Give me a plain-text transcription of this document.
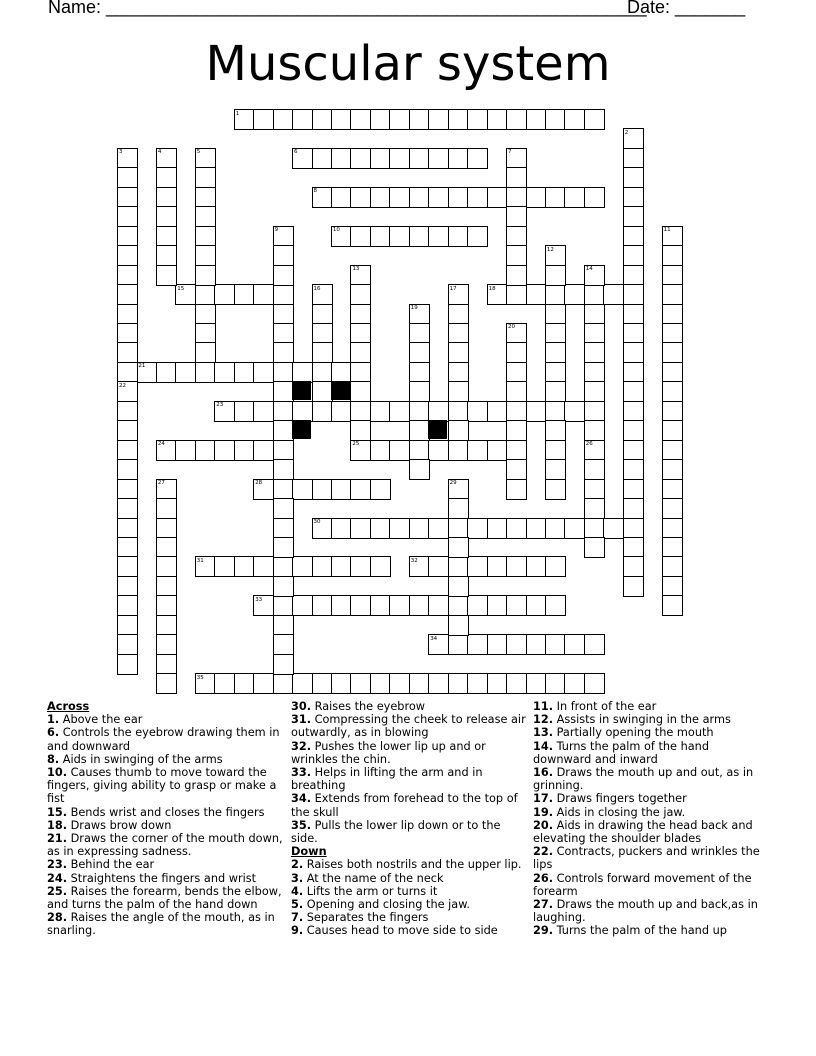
Name: ______________________________________________________
Date: _______
Muscular system
1
6
8
10
15	18
21
23
24	25
28
30
31	32
33
34
35
2
3	4	5	7
9	11
12
13	14
16	17
19
20
22
26
27	29
Across
1. Above the ear
6. Controls the eyebrow drawing them in and downward
8. Aids in swinging of the arms
10. Causes thumb to move toward the fingers, giving ability to grasp or make a fist
15. Bends wrist and closes the fingers
18. Draws brow down
21. Draws the corner of the mouth down, as in expressing sadness.
23. Behind the ear
24. Straightens the fingers and wrist
25. Raises the forearm, bends the elbow, and turns the palm of the hand down
28. Raises the angle of the mouth, as in snarling.
30. Raises the eyebrow
31. Compressing the cheek to release air outwardly, as in blowing
32. Pushes the lower lip up and or wrinkles the chin.
33. Helps in lifting the arm and in breathing
34. Extends from forehead to the top of the skull
35. Pulls the lower lip down or to the side.
Down
2. Raises both nostrils and the upper lip.
3. At the name of the neck
4. Lifts the arm or turns it
5. Opening and closing the jaw.
7. Separates the fingers
9. Causes head to move side to side
11. In front of the ear
12. Assists in swinging in the arms
13. Partially opening the mouth
14. Turns the palm of the hand downward and inward
16. Draws the mouth up and out, as in grinning.
17. Draws fingers together
19. Aids in closing the jaw.
20. Aids in drawing the head back and elevating the shoulder blades
22. Contracts, puckers and wrinkles the lips
26. Controls forward movement of the forearm
27. Draws the mouth up and back,as in laughing.
29. Turns the palm of the hand up
